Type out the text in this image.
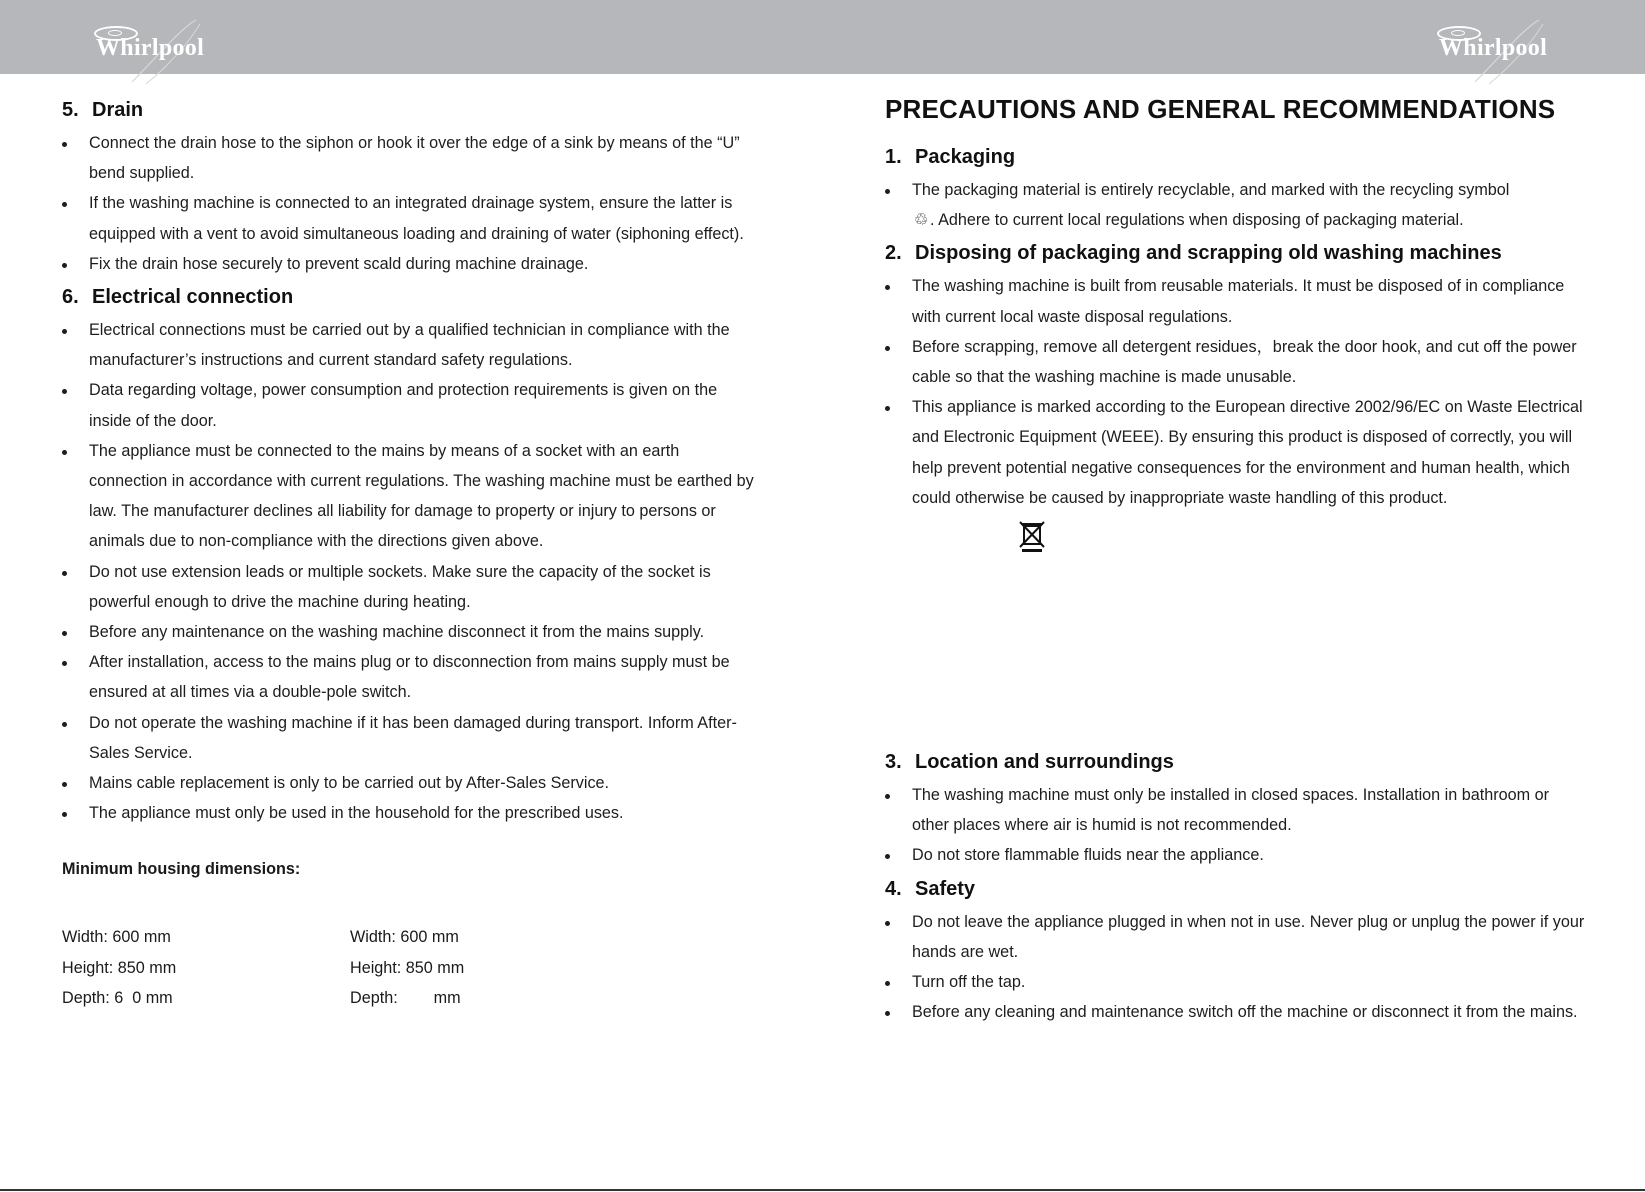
Whirlpool	Whirlpool
5. Drain
Connect the drain hose to the siphon or hook it over the edge of a sink by means of the “U” bend supplied.
If the washing machine is connected to an integrated drainage system, ensure the latter is equipped with a vent to avoid simultaneous loading and draining of water (siphoning effect).
Fix the drain hose securely to prevent scald during machine drainage.
6. Electrical connection
Electrical connections must be carried out by a qualified technician in compliance with the manufacturer’s instructions and current standard safety regulations.
Data regarding voltage, power consumption and protection requirements is given on the inside of the door.
The appliance must be connected to the mains by means of a socket with an earth connection in accordance with current regulations. The washing machine must be earthed by law. The manufacturer declines all liability for damage to property or injury to persons or animals due to non-compliance with the directions given above.
Do not use extension leads or multiple sockets. Make sure the capacity of the socket is powerful enough to drive the machine during heating.
Before any maintenance on the washing machine disconnect it from the mains supply.
After installation, access to the mains plug or to disconnection from mains supply must be ensured at all times via a double-pole switch.
Do not operate the washing machine if it has been damaged during transport. Inform After-Sales Service.
Mains cable replacement is only to be carried out by After-Sales Service.
The appliance must only be used in the household for the prescribed uses.
Minimum housing dimensions:
Width: 600 mm	Width: 600 mm
Height: 850 mm	Height: 850 mm
Depth: 6  0 mm	Depth:        mm
PRECAUTIONS AND GENERAL RECOMMENDATIONS
1. Packaging
The packaging material is entirely recyclable, and marked with the recycling symbol
♲ . Adhere to current local regulations when disposing of packaging material.
2. Disposing of packaging and scrapping old washing machines
The washing machine is built from reusable materials. It must be disposed of in compliance with current local waste disposal regulations.
Before scrapping, remove all detergent residues，break the door hook, and cut off the power cable so that the washing machine is made unusable.
This appliance is marked according to the European directive 2002/96/EC on Waste Electrical and Electronic Equipment (WEEE). By ensuring this product is disposed of correctly, you will help prevent potential negative consequences for the environment and human health, which could otherwise be caused by inappropriate waste handling of this product.
3. Location and surroundings
The washing machine must only be installed in closed spaces. Installation in bathroom or other places where air is humid is not recommended.
Do not store flammable fluids near the appliance.
4. Safety
Do not leave the appliance plugged in when not in use. Never plug or unplug the power if your hands are wet.
Turn off the tap.
Before any cleaning and maintenance switch off the machine or disconnect it from the mains.
